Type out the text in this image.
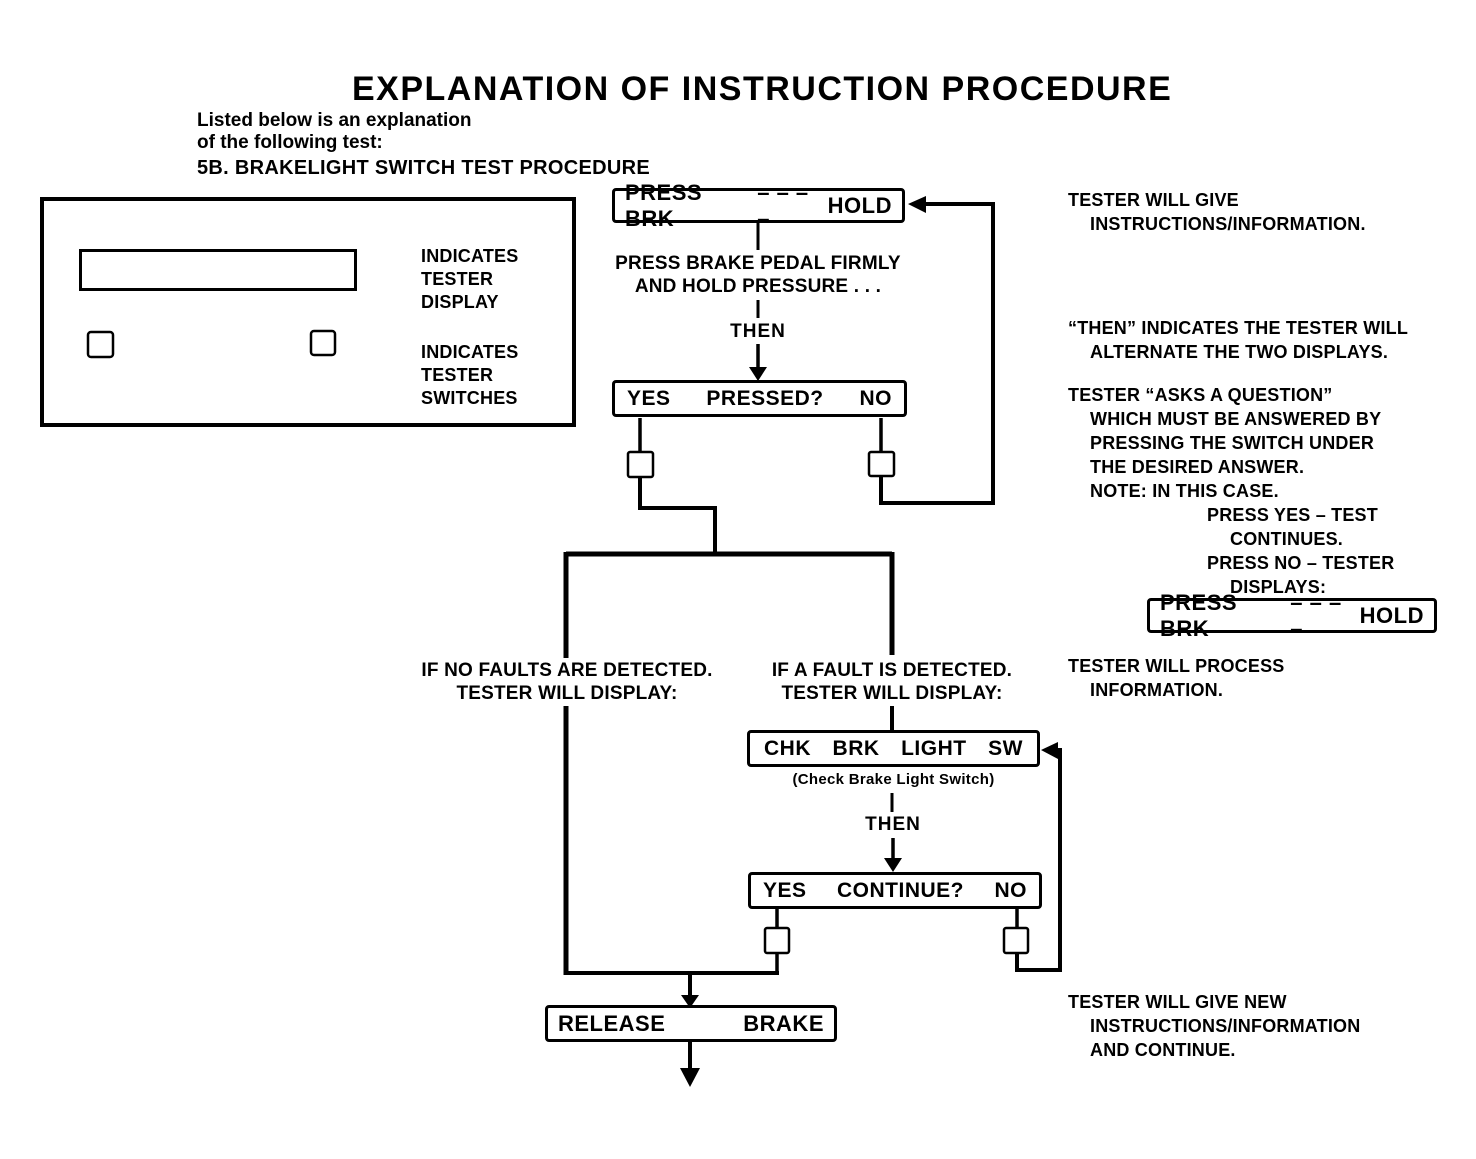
EXPLANATION OF INSTRUCTION PROCEDURE
Listed below is an explanation
of the following test:
5B. BRAKELIGHT SWITCH TEST PROCEDURE
INDICATES
TESTER
DISPLAY
INDICATES
TESTER
SWITCHES
PRESS BRK
– – – –
HOLD
PRESS BRAKE PEDAL FIRMLY
AND HOLD PRESSURE . . .
THEN
YES PRESSED? NO
IF NO FAULTS ARE DETECTED.
TESTER WILL DISPLAY:
IF A FAULT IS DETECTED.
TESTER WILL DISPLAY:
CHK BRK LIGHT SW
(Check Brake Light Switch)
THEN
YES CONTINUE? NO
RELEASE	BRAKE
TESTER WILL GIVE
INSTRUCTIONS/INFORMATION.
“THEN” INDICATES THE TESTER WILL
ALTERNATE THE TWO DISPLAYS.
TESTER “ASKS A QUESTION”
WHICH MUST BE ANSWERED BY
PRESSING THE SWITCH UNDER
THE DESIRED ANSWER.
NOTE: IN THIS CASE.
PRESS YES – TEST
CONTINUES.
PRESS NO – TESTER
DISPLAYS:
PRESS BRK
– – – –
HOLD
TESTER WILL PROCESS
INFORMATION.
TESTER WILL GIVE NEW
INSTRUCTIONS/INFORMATION
AND CONTINUE.
